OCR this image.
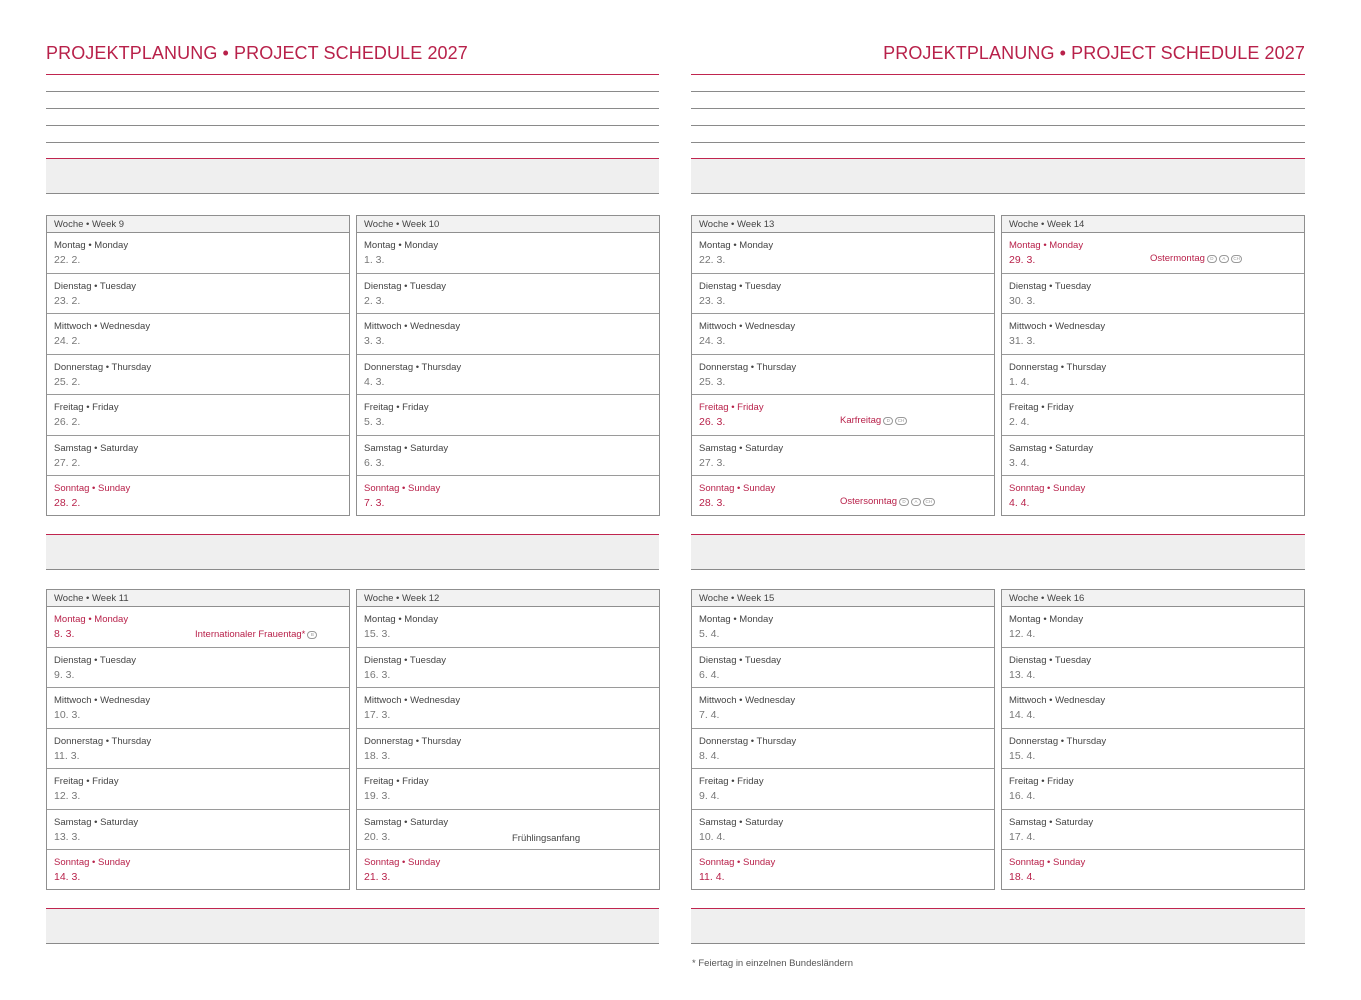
PROJEKTPLANUNG • PROJECT SCHEDULE 2027	PROJEKTPLANUNG • PROJECT SCHEDULE 2027
Woche • Week 9
Montag • Monday
22. 2.
Dienstag • Tuesday
23. 2.
Mittwoch • Wednesday
24. 2.
Donnerstag • Thursday
25. 2.
Freitag • Friday
26. 2.
Samstag • Saturday
27. 2.
Sonntag • Sunday
28. 2.
Woche • Week 10
Montag • Monday
1. 3.
Dienstag • Tuesday
2. 3.
Mittwoch • Wednesday
3. 3.
Donnerstag • Thursday
4. 3.
Freitag • Friday
5. 3.
Samstag • Saturday
6. 3.
Sonntag • Sunday
7. 3.
Woche • Week 11
Montag • Monday
8. 3.	Internationaler Frauentag*	B
Dienstag • Tuesday
9. 3.
Mittwoch • Wednesday
10. 3.
Donnerstag • Thursday
11. 3.
Freitag • Friday
12. 3.
Samstag • Saturday
13. 3.
Sonntag • Sunday
14. 3.
Woche • Week 12
Montag • Monday
15. 3.
Dienstag • Tuesday
16. 3.
Mittwoch • Wednesday
17. 3.
Donnerstag • Thursday
18. 3.
Freitag • Friday
19. 3.
Samstag • Saturday
20. 3.	Frühlingsanfang
Sonntag • Sunday
21. 3.
Woche • Week 13
Montag • Monday
22. 3.
Dienstag • Tuesday
23. 3.
Mittwoch • Wednesday
24. 3.
Donnerstag • Thursday
25. 3.
Freitag • Friday
26. 3.	Karfreitag	D	CH
Samstag • Saturday
27. 3.
Sonntag • Sunday
28. 3.	Ostersonntag	D	A	CH
Woche • Week 14
Montag • Monday
29. 3.	Ostermontag	D	A	CH
Dienstag • Tuesday
30. 3.
Mittwoch • Wednesday
31. 3.
Donnerstag • Thursday
1. 4.
Freitag • Friday
2. 4.
Samstag • Saturday
3. 4.
Sonntag • Sunday
4. 4.
Woche • Week 15
Montag • Monday
5. 4.
Dienstag • Tuesday
6. 4.
Mittwoch • Wednesday
7. 4.
Donnerstag • Thursday
8. 4.
Freitag • Friday
9. 4.
Samstag • Saturday
10. 4.
Sonntag • Sunday
11. 4.
Woche • Week 16
Montag • Monday
12. 4.
Dienstag • Tuesday
13. 4.
Mittwoch • Wednesday
14. 4.
Donnerstag • Thursday
15. 4.
Freitag • Friday
16. 4.
Samstag • Saturday
17. 4.
Sonntag • Sunday
18. 4.
* Feiertag in einzelnen Bundesländern
